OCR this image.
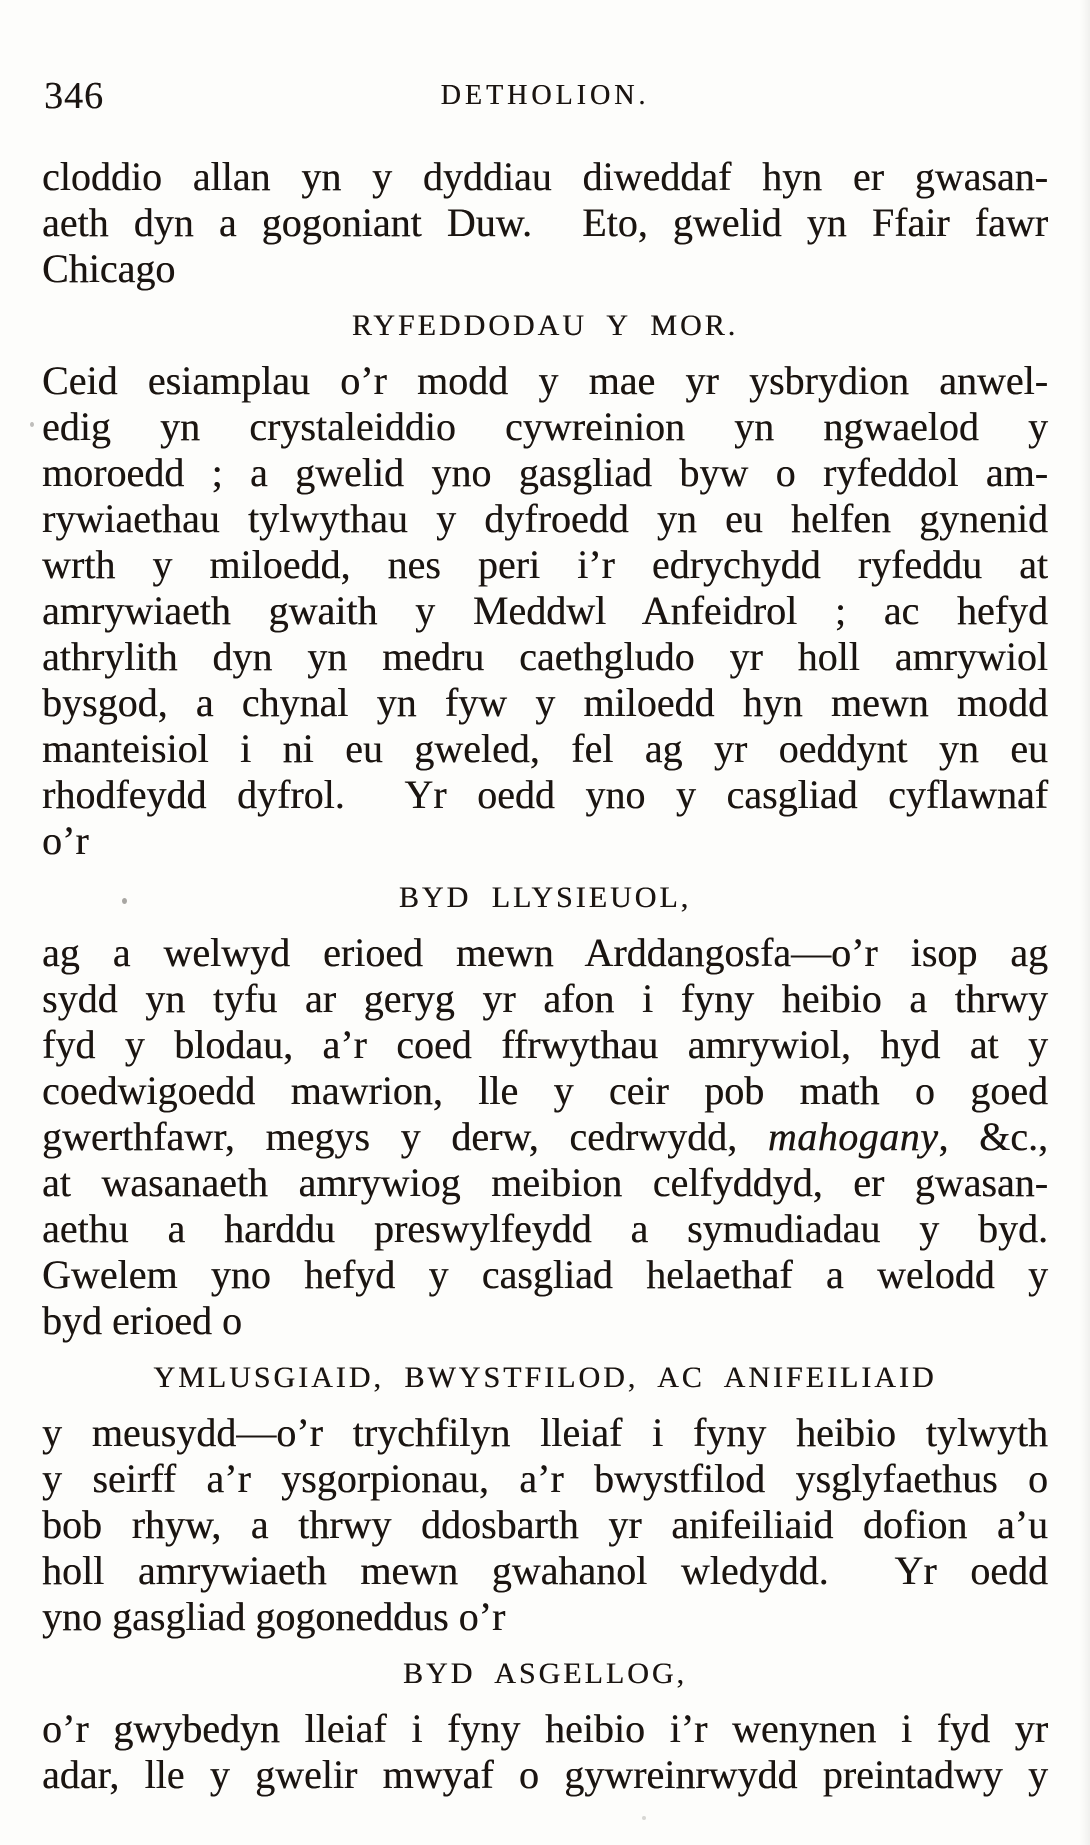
346	DETHOLION.
cloddio allan yn y dyddiau diweddaf hyn er gwasan-
aeth dyn a gogoniant Duw.  Eto, gwelid yn Ffair fawr
Chicago
RYFEDDODAU Y MOR.
Ceid esiamplau o’r modd y mae yr ysbrydion anwel-
edig yn crystaleiddio cywreinion yn ngwaelod y
moroedd ; a gwelid yno gasgliad byw o ryfeddol am-
rywiaethau tylwythau y dyfroedd yn eu helfen gynenid
wrth y miloedd, nes peri i’r edrychydd ryfeddu at
amrywiaeth gwaith y Meddwl Anfeidrol ; ac hefyd
athrylith dyn yn medru caethgludo yr holl amrywiol
bysgod, a chynal yn fyw y miloedd hyn mewn modd
manteisiol i ni eu gweled, fel ag yr oeddynt yn eu
rhodfeydd dyfrol.  Yr oedd yno y casgliad cyflawnaf
o’r
BYD LLYSIEUOL,
ag a welwyd erioed mewn Arddangosfa—o’r isop ag
sydd yn tyfu ar geryg yr afon i fyny heibio a thrwy
fyd y blodau, a’r coed ffrwythau amrywiol, hyd at y
coedwigoedd mawrion, lle y ceir pob math o goed
gwerthfawr, megys y derw, cedrwydd, mahogany, &c.,
at wasanaeth amrywiog meibion celfyddyd, er gwasan-
aethu a harddu preswylfeydd a symudiadau y byd.
Gwelem yno hefyd y casgliad helaethaf a welodd y
byd erioed o
YMLUSGIAID, BWYSTFILOD, AC ANIFEILIAID
y meusydd—o’r trychfilyn lleiaf i fyny heibio tylwyth
y seirff a’r ysgorpionau, a’r bwystfilod ysglyfaethus o
bob rhyw, a thrwy ddosbarth yr anifeiliaid dofion a’u
holl amrywiaeth mewn gwahanol wledydd.  Yr oedd
yno gasgliad gogoneddus o’r
BYD ASGELLOG,
o’r gwybedyn lleiaf i fyny heibio i’r wenynen i fyd yr
adar, lle y gwelir mwyaf o gywreinrwydd preintadwy y
